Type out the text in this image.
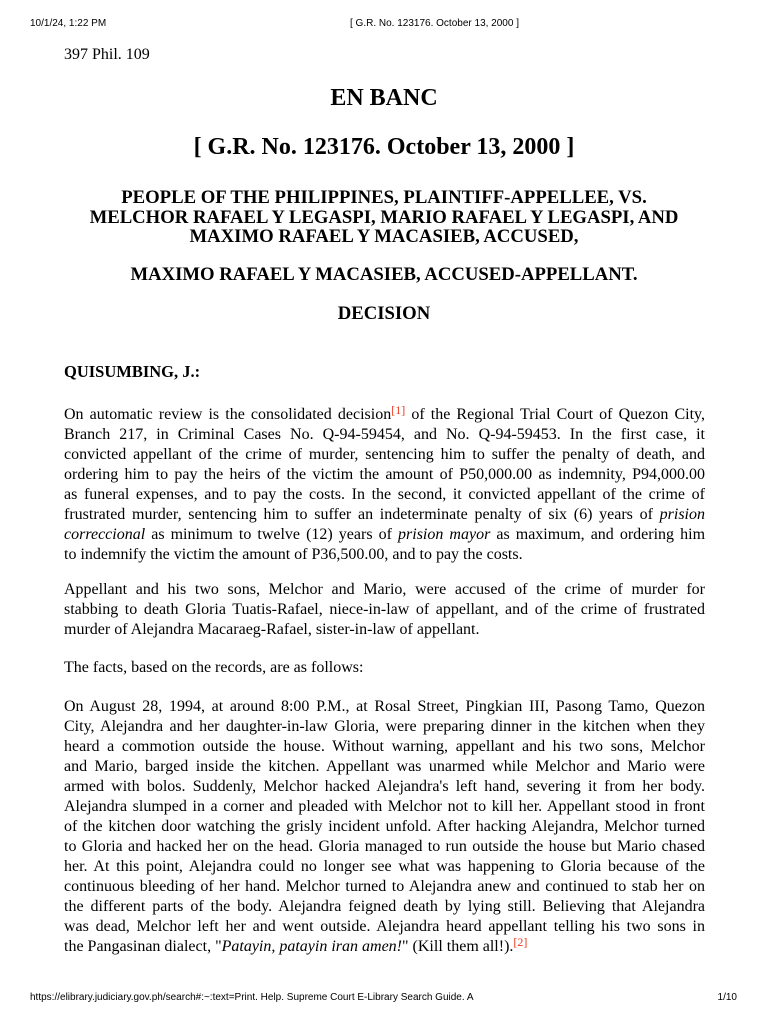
10/1/24, 1:22 PM	[ G.R. No. 123176. October 13, 2000 ]
397 Phil. 109
EN BANC
[ G.R. No. 123176. October 13, 2000 ]
PEOPLE OF THE PHILIPPINES, PLAINTIFF-APPELLEE, VS.
MELCHOR RAFAEL Y LEGASPI, MARIO RAFAEL Y LEGASPI, AND
MAXIMO RAFAEL Y MACASIEB, ACCUSED,
MAXIMO RAFAEL Y MACASIEB, ACCUSED-APPELLANT.
DECISION
QUISUMBING, J.:
On automatic review is the consolidated decision[1] of the Regional Trial Court of Quezon City,
Branch 217, in Criminal Cases No. Q-94-59454, and No. Q-94-59453. In the first case, it
convicted appellant of the crime of murder, sentencing him to suffer the penalty of death, and
ordering him to pay the heirs of the victim the amount of P50,000.00 as indemnity, P94,000.00
as funeral expenses, and to pay the costs. In the second, it convicted appellant of the crime of
frustrated murder, sentencing him to suffer an indeterminate penalty of six (6) years of prision
correccional as minimum to twelve (12) years of prision mayor as maximum, and ordering him
to indemnify the victim the amount of P36,500.00, and to pay the costs.
Appellant and his two sons, Melchor and Mario, were accused of the crime of murder for
stabbing to death Gloria Tuatis-Rafael, niece-in-law of appellant, and of the crime of frustrated
murder of Alejandra Macaraeg-Rafael, sister-in-law of appellant.
The facts, based on the records, are as follows:
On August 28, 1994, at around 8:00 P.M., at Rosal Street, Pingkian III, Pasong Tamo, Quezon
City, Alejandra and her daughter-in-law Gloria, were preparing dinner in the kitchen when they
heard a commotion outside the house. Without warning, appellant and his two sons, Melchor
and Mario, barged inside the kitchen. Appellant was unarmed while Melchor and Mario were
armed with bolos. Suddenly, Melchor hacked Alejandra's left hand, severing it from her body.
Alejandra slumped in a corner and pleaded with Melchor not to kill her. Appellant stood in front
of the kitchen door watching the grisly incident unfold. After hacking Alejandra, Melchor turned
to Gloria and hacked her on the head. Gloria managed to run outside the house but Mario chased
her. At this point, Alejandra could no longer see what was happening to Gloria because of the
continuous bleeding of her hand. Melchor turned to Alejandra anew and continued to stab her on
the different parts of the body. Alejandra feigned death by lying still. Believing that Alejandra
was dead, Melchor left her and went outside. Alejandra heard appellant telling his two sons in
the Pangasinan dialect, "Patayin, patayin iran amen!" (Kill them all!).[2]
https://elibrary.judiciary.gov.ph/search#:~:text=Print. Help. Supreme Court E-Library Search Guide. A	1/10
